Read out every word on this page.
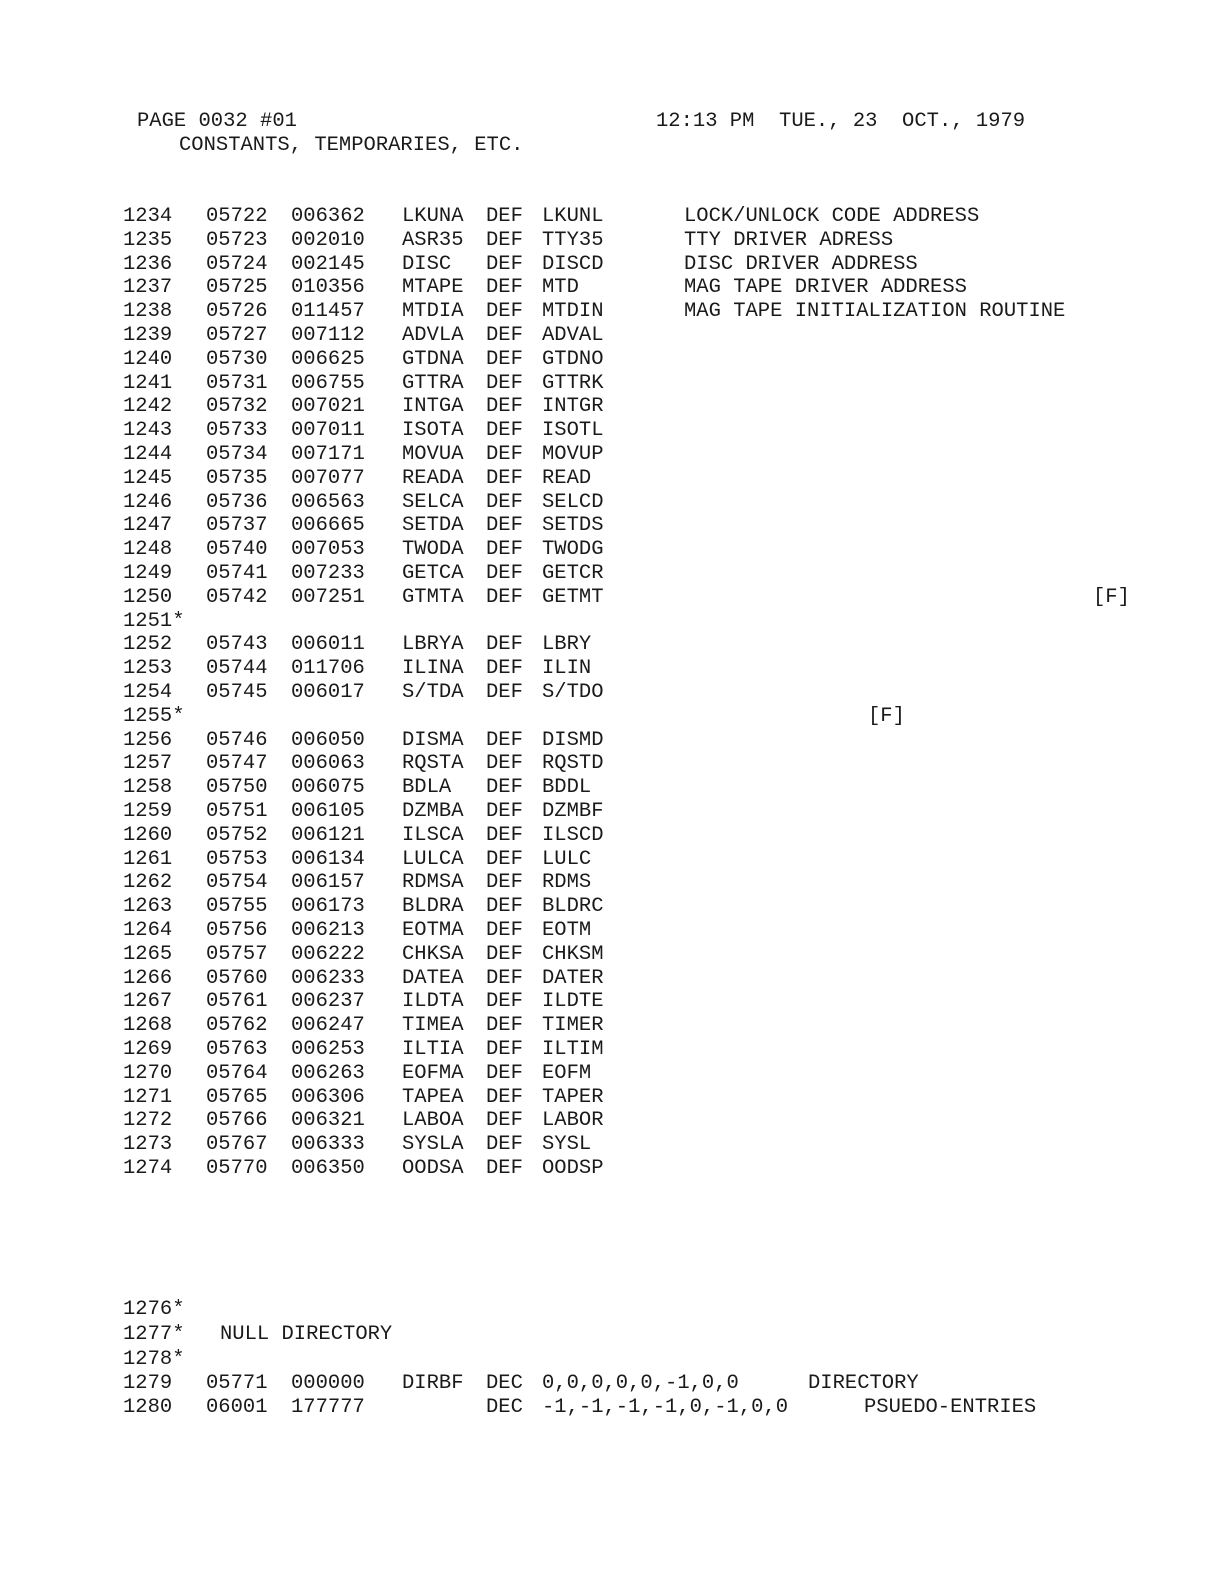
PAGE 0032 #01	12:13 PM  TUE., 23  OCT., 1979
CONSTANTS, TEMPORARIES, ETC.
1234 05722 006362 LKUNA DEF LKUNL	LOCK/UNLOCK CODE ADDRESS
1235 05723 002010 ASR35 DEF TTY35	TTY DRIVER ADRESS
1236 05724 002145 DISC DEF DISCD	DISC DRIVER ADDRESS
1237 05725 010356 MTAPE DEF MTD	MAG TAPE DRIVER ADDRESS
1238 05726 011457 MTDIA DEF MTDIN	MAG TAPE INITIALIZATION ROUTINE
1239 05727 007112 ADVLA DEF ADVAL
1240 05730 006625 GTDNA DEF GTDNO
1241 05731 006755 GTTRA DEF GTTRK
1242 05732 007021 INTGA DEF INTGR
1243 05733 007011 ISOTA DEF ISOTL
1244 05734 007171 MOVUA DEF MOVUP
1245 05735 007077 READA DEF READ
1246 05736 006563 SELCA DEF SELCD
1247 05737 006665 SETDA DEF SETDS
1248 05740 007053 TWODA DEF TWODG
1249 05741 007233 GETCA DEF GETCR
1250 05742 007251 GTMTA DEF GETMT
1251*
1252 05743 006011 LBRYA DEF LBRY
1253 05744 011706 ILINA DEF ILIN
1254 05745 006017 S/TDA DEF S/TDO
1255*
1256 05746 006050 DISMA DEF DISMD
1257 05747 006063 RQSTA DEF RQSTD
1258 05750 006075 BDLA DEF BDDL
1259 05751 006105 DZMBA DEF DZMBF
1260 05752 006121 ILSCA DEF ILSCD
1261 05753 006134 LULCA DEF LULC
1262 05754 006157 RDMSA DEF RDMS
1263 05755 006173 BLDRA DEF BLDRC
1264 05756 006213 EOTMA DEF EOTM
1265 05757 006222 CHKSA DEF CHKSM
1266 05760 006233 DATEA DEF DATER
1267 05761 006237 ILDTA DEF ILDTE
1268 05762 006247 TIMEA DEF TIMER
1269 05763 006253 ILTIA DEF ILTIM
1270 05764 006263 EOFMA DEF EOFM
1271 05765 006306 TAPEA DEF TAPER
1272 05766 006321 LABOA DEF LABOR
1273 05767 006333 SYSLA DEF SYSL
1274 05770 006350 OODSA DEF OODSP
[F]
[F]
1276*
1277* NULL DIRECTORY
1278*
1279 05771 000000 DIRBF DEC 0,0,0,0,0,-1,0,0	DIRECTORY
1280 06001 177777	DEC -1,-1,-1,-1,0,-1,0,0	PSUEDO-ENTRIES
